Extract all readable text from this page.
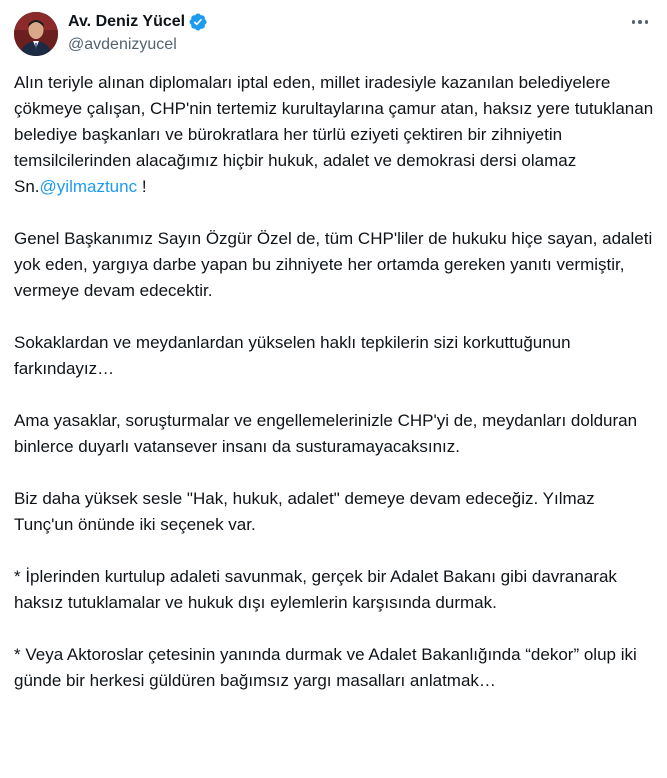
Av. Deniz Yücel
@avdenizyucel

Alın teriyle alınan diplomaları iptal eden, millet iradesiyle kazanılan belediyelere çökmeye çalışan, CHP'nin tertemiz kurultaylarına çamur atan, haksız yere tutuklanan belediye başkanları ve bürokratlara her türlü eziyeti çektiren bir zihniyetin temsilcilerinden alacağımız hiçbir hukuk, adalet ve demokrasi dersi olamaz Sn.@yilmaztunc !

Genel Başkanımız Sayın Özgür Özel de, tüm CHP'liler de hukuku hiçe sayan, adaleti yok eden, yargıya darbe yapan bu zihniyete her ortamda gereken yanıtı vermiştir, vermeye devam edecektir.

Sokaklardan ve meydanlardan yükselen haklı tepkilerin sizi korkuttuğunun farkındayız…

Ama yasaklar, soruşturmalar ve engellemelerinizle CHP'yi de, meydanları dolduran binlerce duyarlı vatansever insanı da susturamayacaksınız.

Biz daha yüksek sesle "Hak, hukuk, adalet" demeye devam edeceğiz. Yılmaz Tunç'un önünde iki seçenek var.

* İplerinden kurtulup adaleti savunmak, gerçek bir Adalet Bakanı gibi davranarak haksız tutuklamalar ve hukuk dışı eylemlerin karşısında durmak.

* Veya Aktoroslar çetesinin yanında durmak ve Adalet Bakanlığında “dekor” olup iki günde bir herkesi güldüren bağımsız yargı masalları anlatmak…
